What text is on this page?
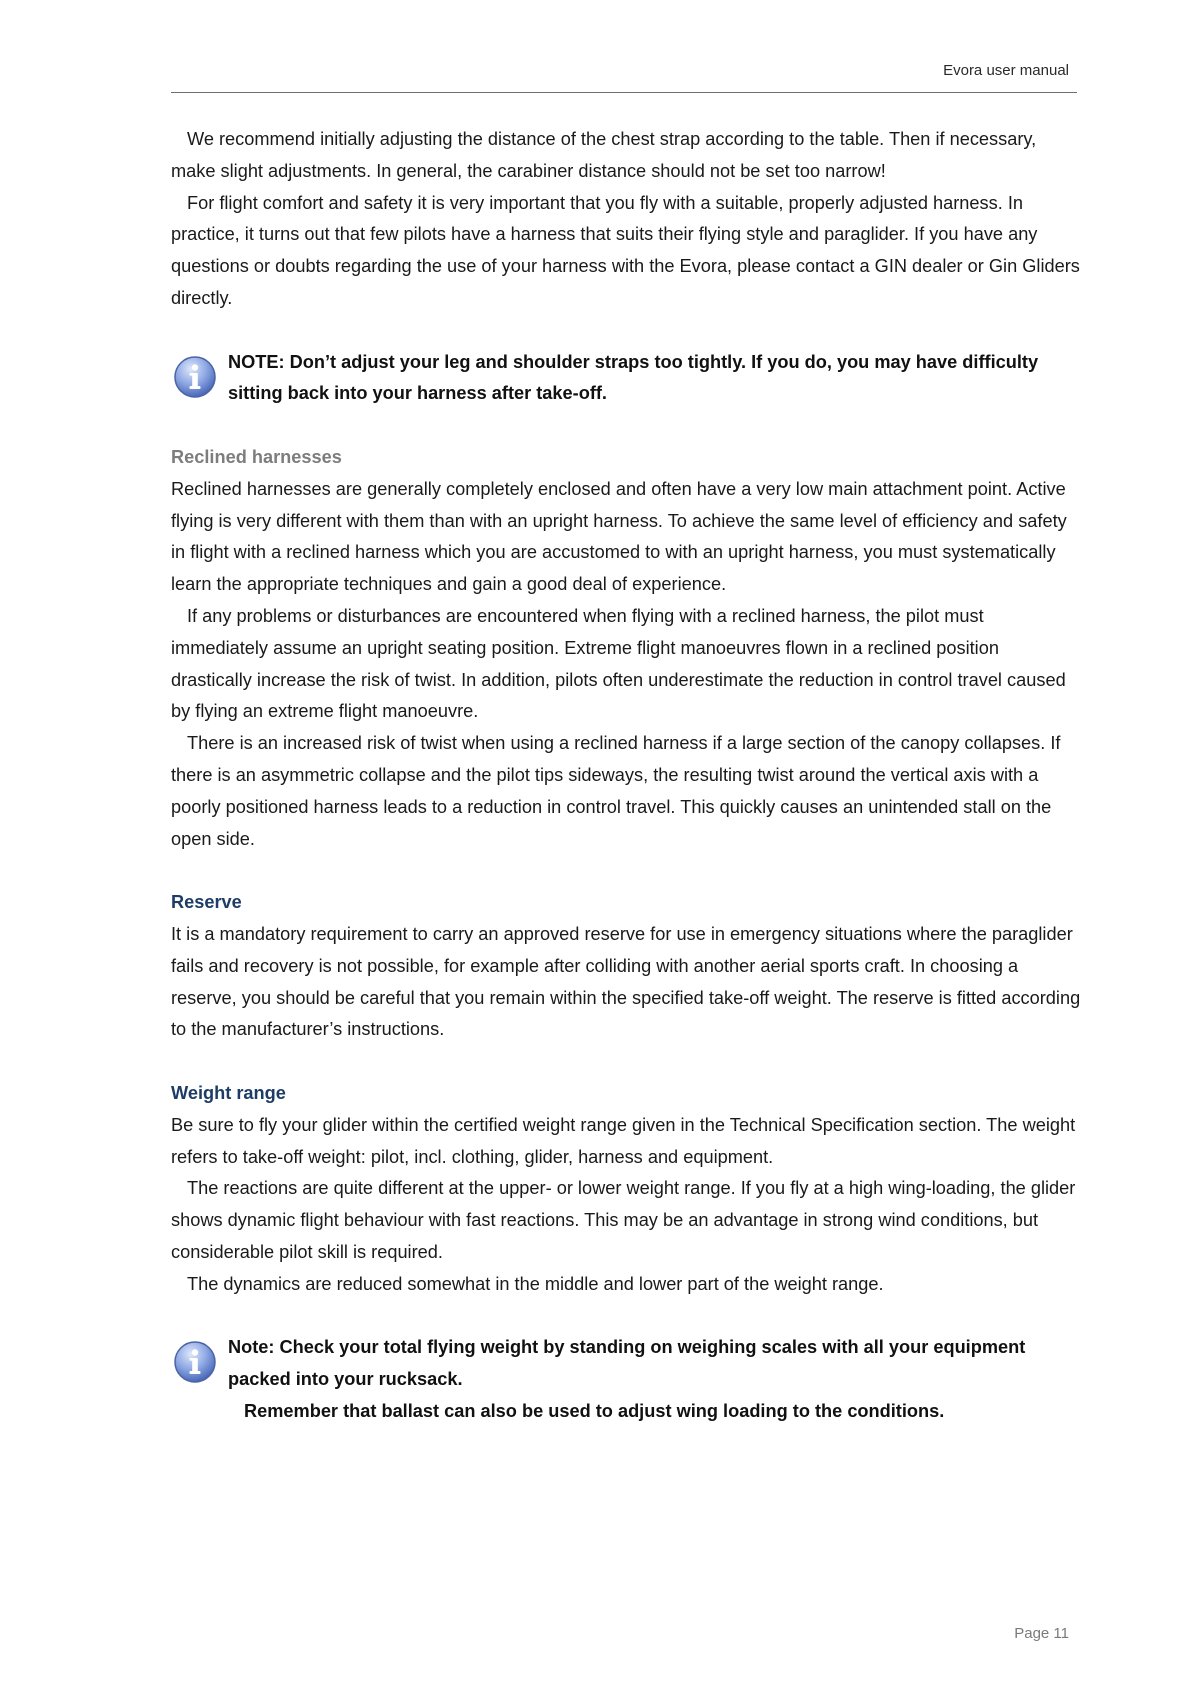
Evora user manual

We recommend initially adjusting the distance of the chest strap according to the table. Then if necessary, make slight adjustments. In general, the carabiner distance should not be set too narrow!

For flight comfort and safety it is very important that you fly with a suitable, properly adjusted harness. In practice, it turns out that few pilots have a harness that suits their flying style and paraglider. If you have any questions or doubts regarding the use of your harness with the Evora, please contact a GIN dealer or Gin Gliders directly.

NOTE: Don’t adjust your leg and shoulder straps too tightly. If you do, you may have difficulty sitting back into your harness after take-off.

Reclined harnesses

Reclined harnesses are generally completely enclosed and often have a very low main attachment point. Active flying is very different with them than with an upright harness. To achieve the same level of efficiency and safety in flight with a reclined harness which you are accustomed to with an upright harness, you must systematically learn the appropriate techniques and gain a good deal of experience.

If any problems or disturbances are encountered when flying with a reclined harness, the pilot must immediately assume an upright seating position. Extreme flight manoeuvres flown in a reclined position drastically increase the risk of twist. In addition, pilots often underestimate the reduction in control travel caused by flying an extreme flight manoeuvre.

There is an increased risk of twist when using a reclined harness if a large section of the canopy collapses. If there is an asymmetric collapse and the pilot tips sideways, the resulting twist around the vertical axis with a poorly positioned harness leads to a reduction in control travel. This quickly causes an unintended stall on the open side.

Reserve

It is a mandatory requirement to carry an approved reserve for use in emergency situations where the paraglider fails and recovery is not possible, for example after colliding with another aerial sports craft. In choosing a reserve, you should be careful that you remain within the specified take-off weight. The reserve is fitted according to the manufacturer’s instructions.

Weight range

Be sure to fly your glider within the certified weight range given in the Technical Specification section. The weight refers to take-off weight: pilot, incl. clothing, glider, harness and equipment.

The reactions are quite different at the upper- or lower weight range. If you fly at a high wing-loading, the glider shows dynamic flight behaviour with fast reactions. This may be an advantage in strong wind conditions, but considerable pilot skill is required.

The dynamics are reduced somewhat in the middle and lower part of the weight range.

Note: Check your total flying weight by standing on weighing scales with all your equipment packed into your rucksack.

Remember that ballast can also be used to adjust wing loading to the conditions.

Page 11
